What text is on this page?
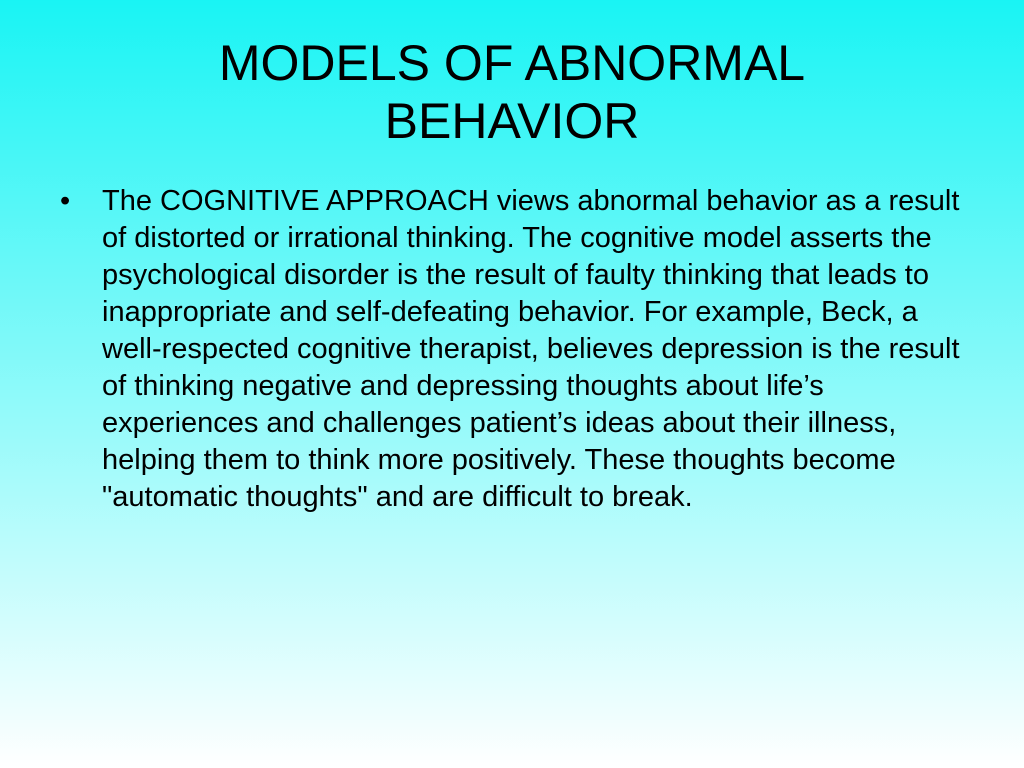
MODELS OF ABNORMAL
BEHAVIOR
• The COGNITIVE APPROACH views abnormal behavior as a result of distorted or irrational thinking. The cognitive model asserts the psychological disorder is the result of faulty thinking that leads to inappropriate and self-defeating behavior. For example, Beck, a well-respected cognitive therapist, believes depression is the result of thinking negative and depressing thoughts about life’s experiences and challenges patient’s ideas about their illness, helping them to think more positively. These thoughts become "automatic thoughts" and are difficult to break.
